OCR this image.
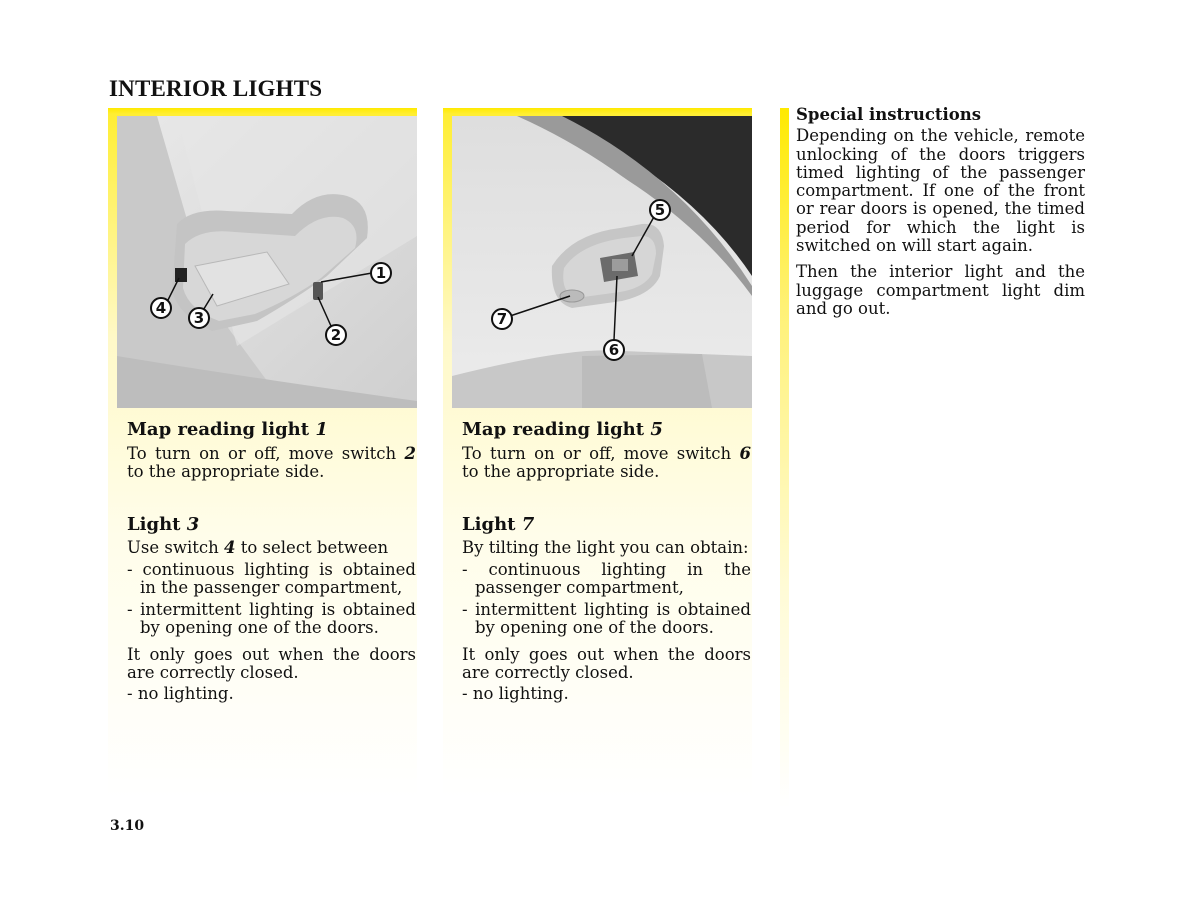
INTERIOR LIGHTS
1
2
3
4
Map reading light 1

To turn on or off, move switch 2 to the appropriate side.

Light 3

Use switch 4 to select between

- continuous lighting is obtained in the passenger compartment,
- intermittent lighting is obtained by opening one of the doors.

It only goes out when the doors are correctly closed.

- no lighting.
5
6
7
Map reading light 5

To turn on or off, move switch 6 to the appropriate side.

Light 7

By tilting the light you can obtain:

- continuous lighting in the passenger compartment,
- intermittent lighting is obtained by opening one of the doors.

It only goes out when the doors are correctly closed.

- no lighting.
Special instructions

Depending on the vehicle, remote unlocking of the doors triggers timed lighting of the passenger compartment. If one of the front or rear doors is opened, the timed period for which the light is switched on will start again.

Then the interior light and the luggage compartment light dim and go out.

3.10
